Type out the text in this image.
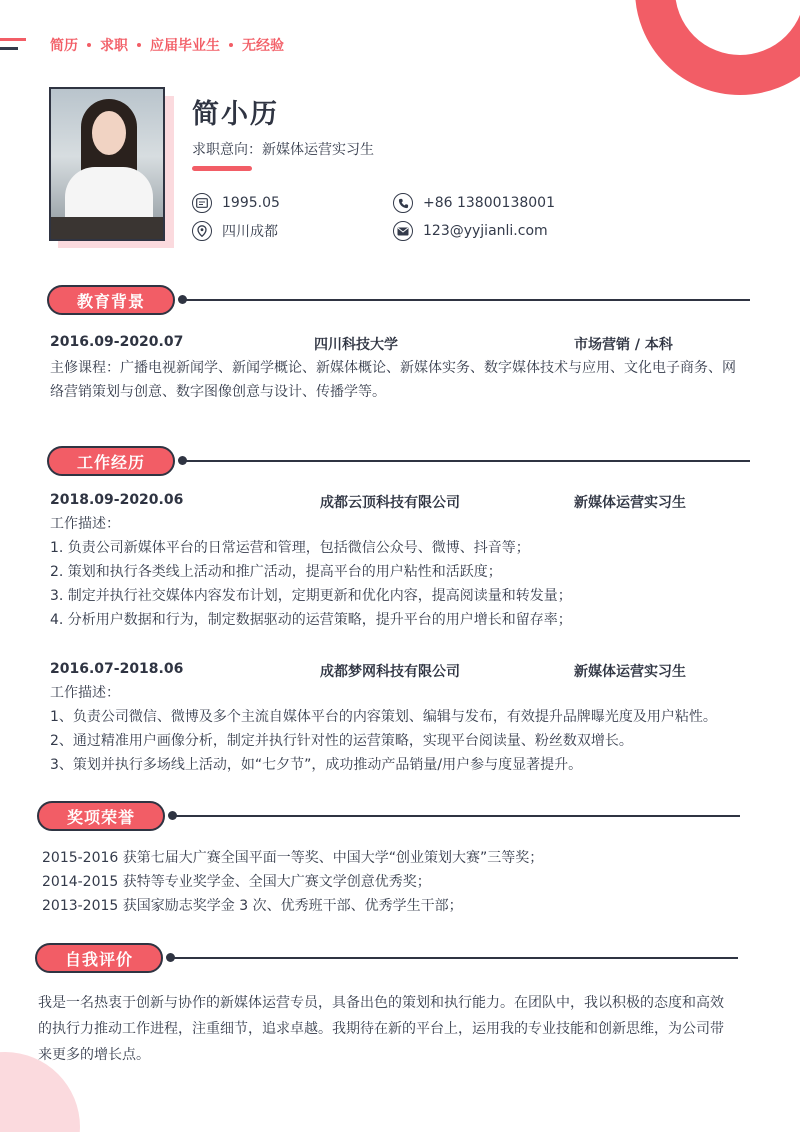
简历 求职 应届毕业生 无经验
简小历
求职意向：新媒体运营实习生
1995.05	+86 13800138001
四川成都	123@yyjianli.com
教育背景
2016.09-2020.07	四川科技大学	市场营销 / 本科

主修课程：广播电视新闻学、新闻学概论、新媒体概论、新媒体实务、数字媒体技术与应用、文化电子商务、网

络营销策划与创意、数字图像创意与设计、传播学等。

工作经历
2018.09-2020.06	成都云顶科技有限公司	新媒体运营实习生

工作描述：

1. 负责公司新媒体平台的日常运营和管理，包括微信公众号、微博、抖音等；

2. 策划和执行各类线上活动和推广活动，提高平台的用户粘性和活跃度；

3. 制定并执行社交媒体内容发布计划，定期更新和优化内容，提高阅读量和转发量；

4. 分析用户数据和行为，制定数据驱动的运营策略，提升平台的用户增长和留存率；

2016.07-2018.06	成都梦网科技有限公司	新媒体运营实习生

工作描述：

1、负责公司微信、微博及多个主流自媒体平台的内容策划、编辑与发布，有效提升品牌曝光度及用户粘性。

2、通过精准用户画像分析，制定并执行针对性的运营策略，实现平台阅读量、粉丝数双增长。

3、策划并执行多场线上活动，如“七夕节”，成功推动产品销量/用户参与度显著提升。

奖项荣誉

2015-2016 获第七届大广赛全国平面一等奖、中国大学“创业策划大赛”三等奖；

2014-2015 获特等专业奖学金、全国大广赛文学创意优秀奖；

2013-2015 获国家励志奖学金 3 次、优秀班干部、优秀学生干部；

自我评价

我是一名热衷于创新与协作的新媒体运营专员，具备出色的策划和执行能力。在团队中，我以积极的态度和高效

的执行力推动工作进程，注重细节，追求卓越。我期待在新的平台上，运用我的专业技能和创新思维，为公司带

来更多的增长点。
